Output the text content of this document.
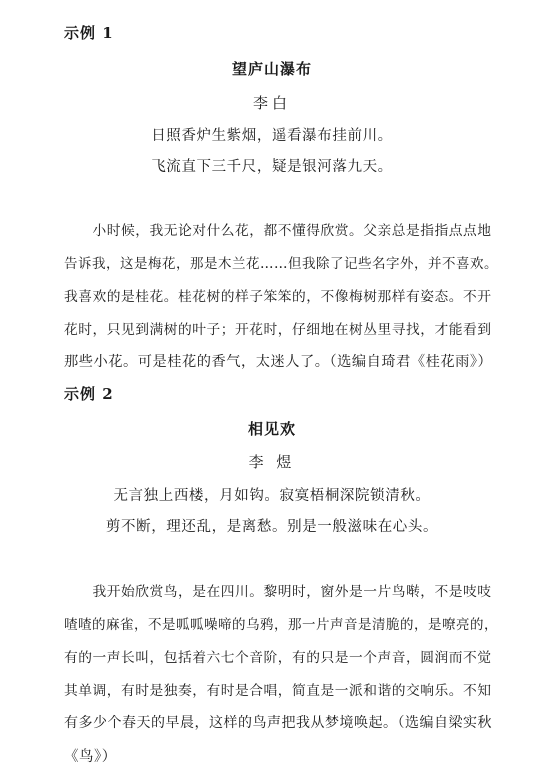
示例 1
望庐山瀑布
李白
日照香炉生紫烟，遥看瀑布挂前川。
飞流直下三千尺，疑是银河落九天。
　　小时候，我无论对什么花，都不懂得欣赏。父亲总是指指点点地
告诉我，这是梅花，那是木兰花……但我除了记些名字外，并不喜欢。
我喜欢的是桂花。桂花树的样子笨笨的，不像梅树那样有姿态。不开
花时，只见到满树的叶子；开花时，仔细地在树丛里寻找，才能看到
那些小花。可是桂花的香气，太迷人了。（选编自琦君《桂花雨》）
示例 2
相见欢
李 煜
无言独上西楼，月如钩。寂寞梧桐深院锁清秋。
剪不断，理还乱，是离愁。别是一般滋味在心头。
　　我开始欣赏鸟，是在四川。黎明时，窗外是一片鸟啭，不是吱吱
喳喳的麻雀，不是呱呱噪啼的乌鸦，那一片声音是清脆的，是嘹亮的，
有的一声长叫，包括着六七个音阶，有的只是一个声音，圆润而不觉
其单调，有时是独奏，有时是合唱，简直是一派和谐的交响乐。不知
有多少个春天的早晨，这样的鸟声把我从梦境唤起。（选编自梁实秋
《鸟》）
